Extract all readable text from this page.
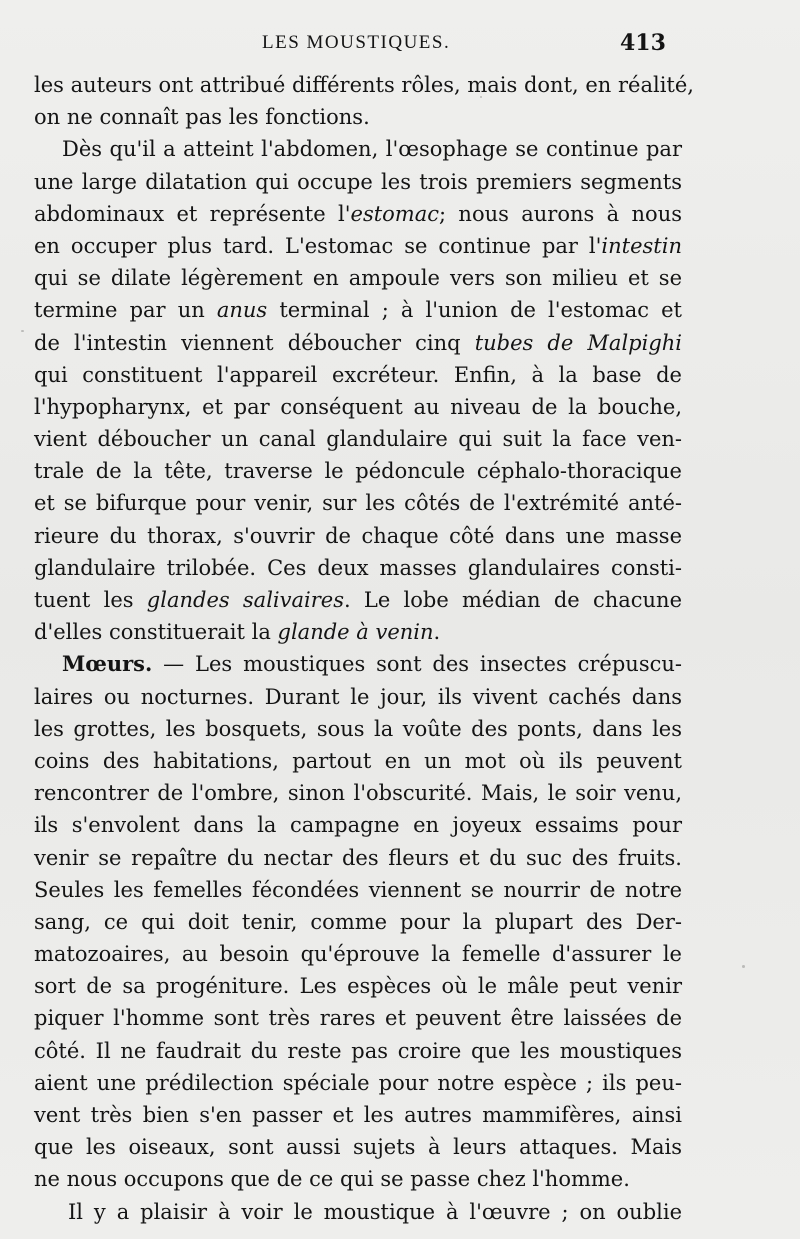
LES MOUSTIQUES.	413
les auteurs ont attribué différents rôles, mais dont, en réalité,
on ne connaît pas les fonctions.
Dès qu'il a atteint l'abdomen, l'œsophage se continue par
une large dilatation qui occupe les trois premiers segments
abdominaux et représente l'estomac; nous aurons à nous
en occuper plus tard. L'estomac se continue par l'intestin
qui se dilate légèrement en ampoule vers son milieu et se
termine par un anus terminal ; à l'union de l'estomac et
de l'intestin viennent déboucher cinq tubes de Malpighi
qui constituent l'appareil excréteur. Enfin, à la base de
l'hypopharynx, et par conséquent au niveau de la bouche,
vient déboucher un canal glandulaire qui suit la face ven-
trale de la tête, traverse le pédoncule céphalo-thoracique
et se bifurque pour venir, sur les côtés de l'extrémité anté-
rieure du thorax, s'ouvrir de chaque côté dans une masse
glandulaire trilobée. Ces deux masses glandulaires consti-
tuent les glandes salivaires. Le lobe médian de chacune
d'elles constituerait la glande à venin.
Mœurs. — Les moustiques sont des insectes crépuscu-
laires ou nocturnes. Durant le jour, ils vivent cachés dans
les grottes, les bosquets, sous la voûte des ponts, dans les
coins des habitations, partout en un mot où ils peuvent
rencontrer de l'ombre, sinon l'obscurité. Mais, le soir venu,
ils s'envolent dans la campagne en joyeux essaims pour
venir se repaître du nectar des fleurs et du suc des fruits.
Seules les femelles fécondées viennent se nourrir de notre
sang, ce qui doit tenir, comme pour la plupart des Der-
matozoaires, au besoin qu'éprouve la femelle d'assurer le
sort de sa progéniture. Les espèces où le mâle peut venir
piquer l'homme sont très rares et peuvent être laissées de
côté. Il ne faudrait du reste pas croire que les moustiques
aient une prédilection spéciale pour notre espèce ; ils peu-
vent très bien s'en passer et les autres mammifères, ainsi
que les oiseaux, sont aussi sujets à leurs attaques. Mais
ne nous occupons que de ce qui se passe chez l'homme.
Il y a plaisir à voir le moustique à l'œuvre ; on oublie
